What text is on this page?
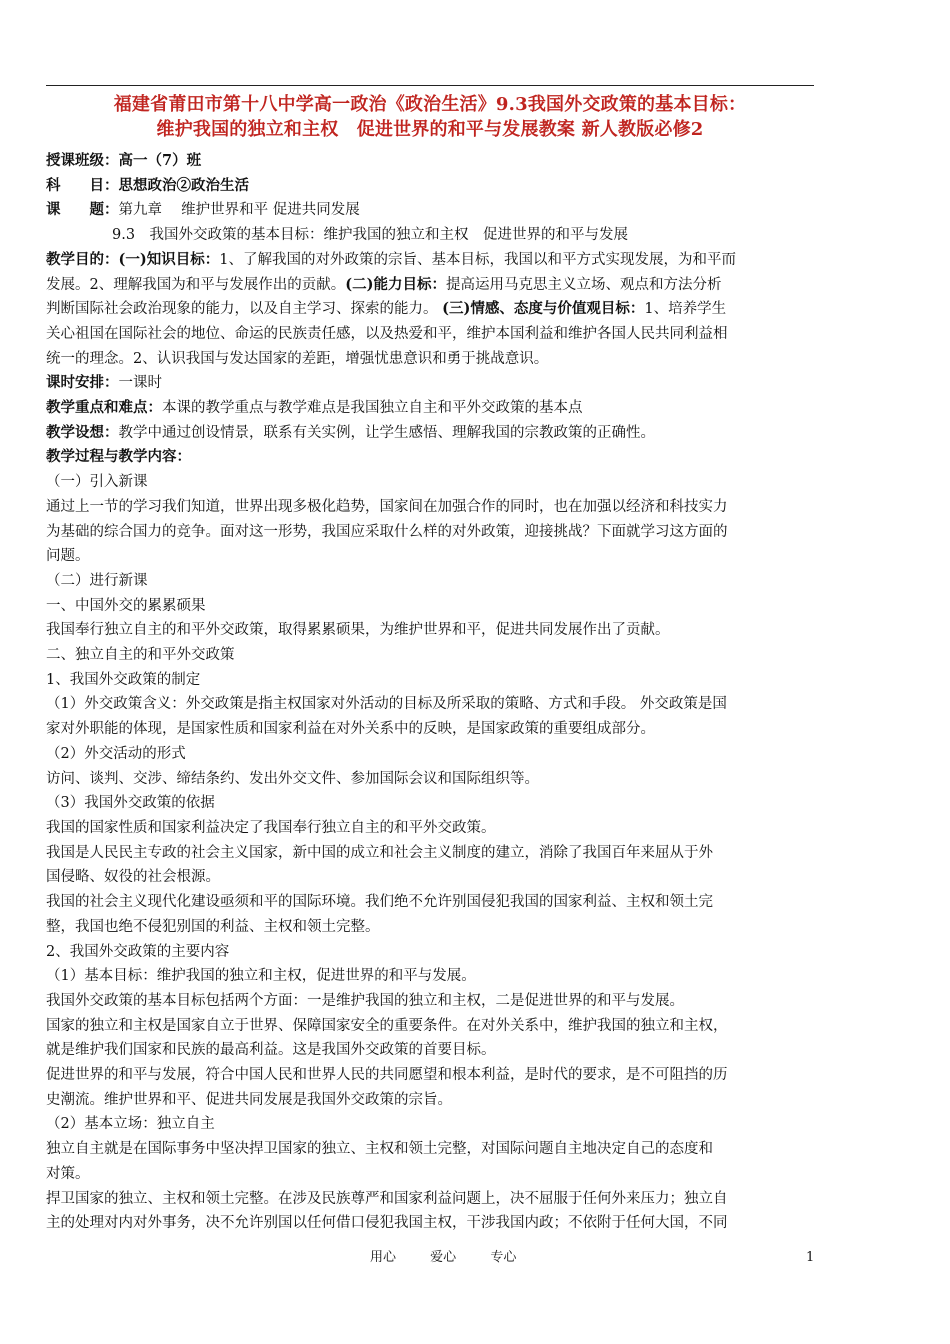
福建省莆田市第十八中学高一政治《政治生活》9.3我国外交政策的基本目标：
维护我国的独立和主权　促进世界的和平与发展教案 新人教版必修2
授课班级：高一（7）班
科　　目：思想政治②政治生活
课　　题：第九章　 维护世界和平 促进共同发展
9.3　我国外交政策的基本目标：维护我国的独立和主权　促进世界的和平与发展
教学目的：(一)知识目标：1、了解我国的对外政策的宗旨、基本目标，我国以和平方式实现发展，为和平而
发展。2、理解我国为和平与发展作出的贡献。(二)能力目标：提高运用马克思主义立场、观点和方法分析
判断国际社会政治现象的能力，以及自主学习、探索的能力。 (三)情感、态度与价值观目标：1、培养学生
关心祖国在国际社会的地位、命运的民族责任感，以及热爱和平，维护本国利益和维护各国人民共同利益相
统一的理念。2、认识我国与发达国家的差距，增强忧患意识和勇于挑战意识。
课时安排：一课时
教学重点和难点：本课的教学重点与教学难点是我国独立自主和平外交政策的基本点
教学设想：教学中通过创设情景，联系有关实例，让学生感悟、理解我国的宗教政策的正确性。
教学过程与教学内容：
（一）引入新课
通过上一节的学习我们知道，世界出现多极化趋势，国家间在加强合作的同时，也在加强以经济和科技实力
为基础的综合国力的竞争。面对这一形势，我国应采取什么样的对外政策，迎接挑战？下面就学习这方面的
问题。
（二）进行新课
一、中国外交的累累硕果
我国奉行独立自主的和平外交政策，取得累累硕果，为维护世界和平，促进共同发展作出了贡献。
二、独立自主的和平外交政策
1、我国外交政策的制定
（1）外交政策含义：外交政策是指主权国家对外活动的目标及所采取的策略、方式和手段。 外交政策是国
家对外职能的体现，是国家性质和国家利益在对外关系中的反映，是国家政策的重要组成部分。
（2）外交活动的形式
访问、谈判、交涉、缔结条约、发出外交文件、参加国际会议和国际组织等。
（3）我国外交政策的依据
我国的国家性质和国家利益决定了我国奉行独立自主的和平外交政策。
我国是人民民主专政的社会主义国家，新中国的成立和社会主义制度的建立，消除了我国百年来屈从于外
国侵略、奴役的社会根源。
我国的社会主义现代化建设亟须和平的国际环境。我们绝不允许别国侵犯我国的国家利益、主权和领土完
整，我国也绝不侵犯别国的利益、主权和领土完整。
2、我国外交政策的主要内容
（1）基本目标：维护我国的独立和主权，促进世界的和平与发展。
我国外交政策的基本目标包括两个方面：一是维护我国的独立和主权，二是促进世界的和平与发展。
国家的独立和主权是国家自立于世界、保障国家安全的重要条件。在对外关系中，维护我国的独立和主权，
就是维护我们国家和民族的最高利益。这是我国外交政策的首要目标。
促进世界的和平与发展，符合中国人民和世界人民的共同愿望和根本利益，是时代的要求，是不可阻挡的历
史潮流。维护世界和平、促进共同发展是我国外交政策的宗旨。
（2）基本立场：独立自主
独立自主就是在国际事务中坚决捍卫国家的独立、主权和领土完整，对国际问题自主地决定自己的态度和
对策。
捍卫国家的独立、主权和领土完整。在涉及民族尊严和国家利益问题上，决不屈服于任何外来压力；独立自
主的处理对内对外事务，决不允许别国以任何借口侵犯我国主权，干涉我国内政；不依附于任何大国，不同
用心	爱心	专心	1
